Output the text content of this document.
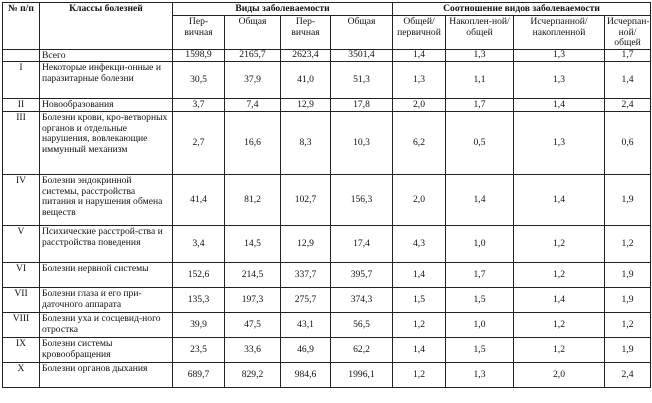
№ п/п	Классы болезней	Виды заболеваемости				Соотношение видов заболеваемости			
		Пер-вичная	Общая	Пер-вичная	Общая	Общей/ первичной	Накоплен-ной/общей	Исчерпанной/ накопленной	Исчерпан-ной/общей
	Всего	1598,9	2165,7	2623,4	3501,4	1,4	1,3	1,3	1,7
I	Некоторые инфекци-онные и паразитарные болезни	30,5	37,9	41,0	51,3	1,3	1,1	1,3	1,4
II	Новообразования	3,7	7,4	12,9	17,8	2,0	1,7	1,4	2,4
III	Болезни крови, кро-ветворных органов и отдельные нарушения, вовлекающие иммунный механизм	2,7	16,6	8,3	10,3	6,2	0,5	1,3	0,6
IV	Болезни эндокринной системы, расстройства питания и нарушения обмена веществ	41,4	81,2	102,7	156,3	2,0	1,4	1,4	1,9
V	Психические расстрой-ства и расстройства поведения	3,4	14,5	12,9	17,4	4,3	1,0	1,2	1,2
VI	Болезни нервной системы	152,6	214,5	337,7	395,7	1,4	1,7	1,2	1,9
VII	Болезни глаза и его при-даточного аппарата	135,3	197,3	275,7	374,3	1,5	1,5	1,4	1,9
VIII	Болезни уха и сосцевид-ного отростка	39,9	47,5	43,1	56,5	1,2	1,0	1,2	1,2
IX	Болезни системы кровообращения	23,5	33,6	46,9	62,2	1,4	1,5	1,2	1,9
X	Болезни органов дыхания	689,7	829,2	984,6	1996,1	1,2	1,3	2,0	2,4
